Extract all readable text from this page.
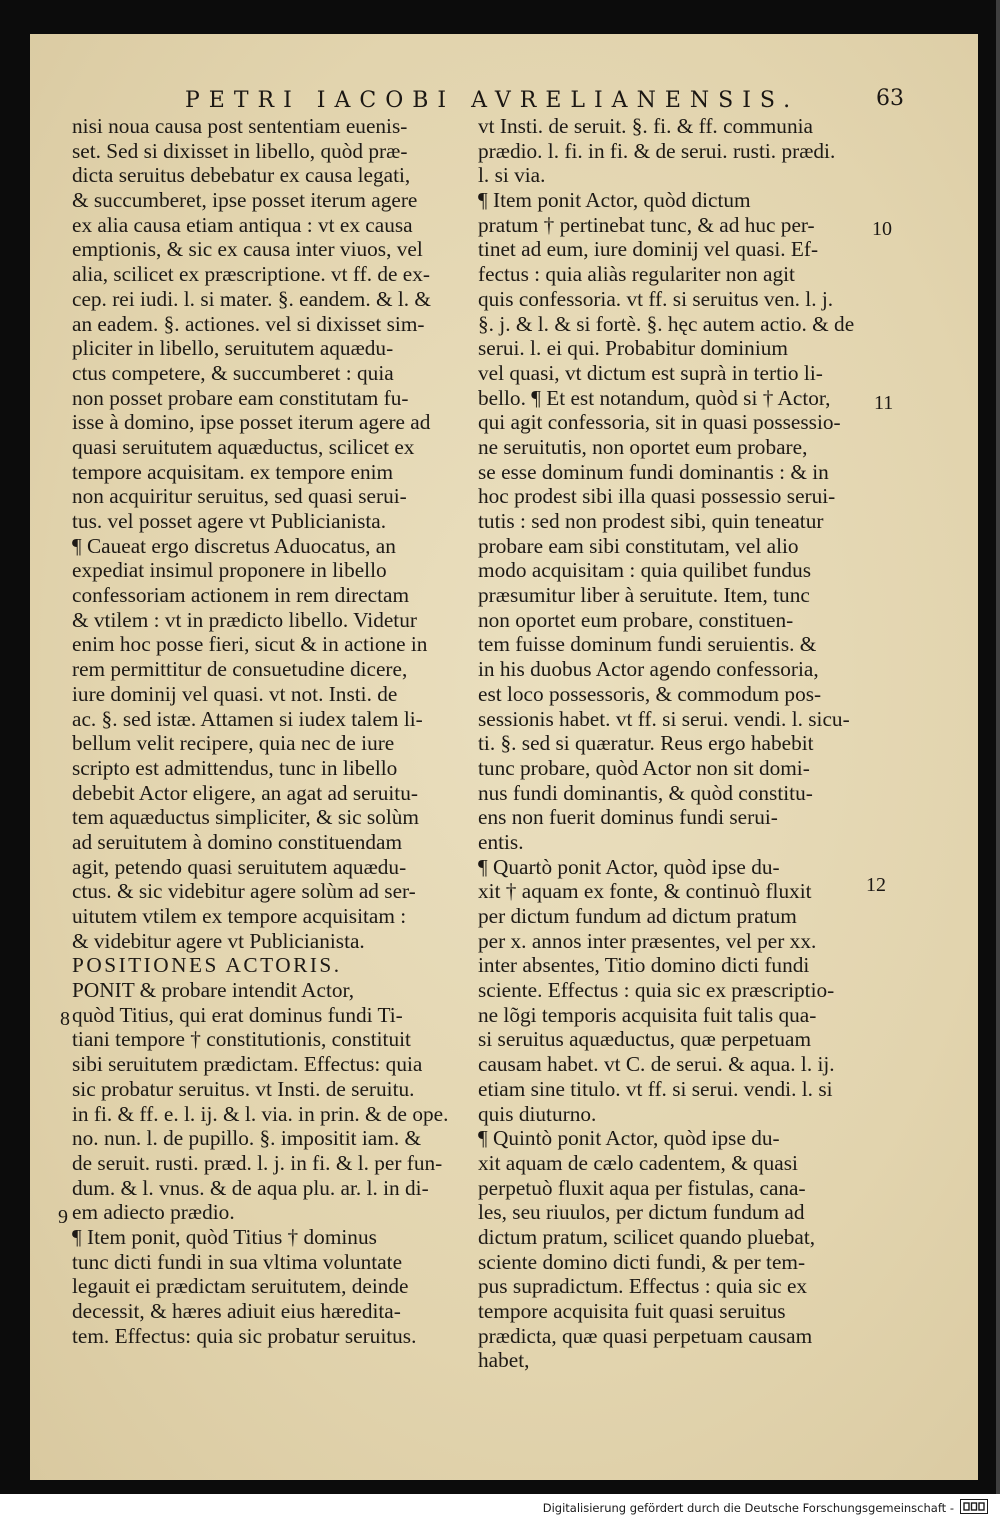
PETRI IACOBI AVRELIANENSIS.	63
nisi noua causa post sententiam euenis-
set. Sed si dixisset in libello, quòd præ-
dicta seruitus debebatur ex causa legati,
& succumberet, ipse posset iterum agere
ex alia causa etiam antiqua : vt ex causa
emptionis, & sic ex causa inter viuos, vel
alia, scilicet ex præscriptione. vt ff. de ex-
cep. rei iudi. l. si mater. §. eandem. & l. &
an eadem. §. actiones. vel si dixisset sim-
pliciter in libello, seruitutem aquædu-
ctus competere, & succumberet : quia
non posset probare eam constitutam fu-
isse à domino, ipse posset iterum agere ad
quasi seruitutem aquæductus, scilicet ex
tempore acquisitam. ex tempore enim
non acquiritur seruitus, sed quasi serui-
tus. vel posset agere vt Publicianista.
¶ Caueat ergo discretus Aduocatus, an
expediat insimul proponere in libello
confessoriam actionem in rem directam
& vtilem : vt in prædicto libello. Videtur
enim hoc posse fieri, sicut & in actione in
rem permittitur de consuetudine dicere,
iure dominij vel quasi. vt not. Insti. de
ac. §. sed istæ. Attamen si iudex talem li-
bellum velit recipere, quia nec de iure
scripto est admittendus, tunc in libello
debebit Actor eligere, an agat ad seruitu-
tem aquæductus simpliciter, & sic solùm
ad seruitutem à domino constituendam
agit, petendo quasi seruitutem aquædu-
ctus. & sic videbitur agere solùm ad ser-
uitutem vtilem ex tempore acquisitam :
& videbitur agere vt Publicianista.
POSITIONES ACTORIS.
PONIT & probare intendit Actor,
quòd Titius, qui erat dominus fundi Ti-
tiani tempore † constitutionis, constituit
sibi seruitutem prædictam. Effectus: quia
sic probatur seruitus. vt Insti. de seruitu.
in fi. & ff. e. l. ij. & l. via. in prin. & de ope.
no. nun. l. de pupillo. §. impositit iam. &
de seruit. rusti. præd. l. j. in fi. & l. per fun-
dum. & l. vnus. & de aqua plu. ar. l. in di-
em adiecto prædio.
¶ Item ponit, quòd Titius † dominus
tunc dicti fundi in sua vltima voluntate
legauit ei prædictam seruitutem, deinde
decessit, & hæres adiuit eius hæredita-
tem. Effectus: quia sic probatur seruitus.
vt Insti. de seruit. §. fi. & ff. communia
prædio. l. fi. in fi. & de serui. rusti. prædi.
l. si via.
¶ Item ponit Actor, quòd dictum
pratum † pertinebat tunc, & ad huc per-
tinet ad eum, iure dominij vel quasi. Ef-
fectus : quia aliàs regulariter non agit
quis confessoria. vt ff. si seruitus ven. l. j.
§. j. & l. & si fortè. §. hęc autem actio. & de
serui. l. ei qui. Probabitur dominium
vel quasi, vt dictum est suprà in tertio li-
bello. ¶ Et est notandum, quòd si † Actor,
qui agit confessoria, sit in quasi possessio-
ne seruitutis, non oportet eum probare,
se esse dominum fundi dominantis : & in
hoc prodest sibi illa quasi possessio serui-
tutis : sed non prodest sibi, quin teneatur
probare eam sibi constitutam, vel alio
modo acquisitam : quia quilibet fundus
præsumitur liber à seruitute. Item, tunc
non oportet eum probare, constituen-
tem fuisse dominum fundi seruientis. &
in his duobus Actor agendo confessoria,
est loco possessoris, & commodum pos-
sessionis habet. vt ff. si serui. vendi. l. sicu-
ti. §. sed si quæratur. Reus ergo habebit
tunc probare, quòd Actor non sit domi-
nus fundi dominantis, & quòd constitu-
ens non fuerit dominus fundi serui-
entis.
¶ Quartò ponit Actor, quòd ipse du-
xit † aquam ex fonte, & continuò fluxit
per dictum fundum ad dictum pratum
per x. annos inter præsentes, vel per xx.
inter absentes, Titio domino dicti fundi
sciente. Effectus : quia sic ex præscriptio-
ne lõgi temporis acquisita fuit talis qua-
si seruitus aquæductus, quæ perpetuam
causam habet. vt C. de serui. & aqua. l. ij.
etiam sine titulo. vt ff. si serui. vendi. l. si
quis diuturno.
¶ Quintò ponit Actor, quòd ipse du-
xit aquam de cælo cadentem, & quasi
perpetuò fluxit aqua per fistulas, cana-
les, seu riuulos, per dictum fundum ad
dictum pratum, scilicet quando pluebat,
sciente domino dicti fundi, & per tem-
pus supradictum. Effectus : quia sic ex
tempore acquisita fuit quasi seruitus
prædicta, quæ quasi perpetuam causam
habet,
8
9
10
11
12
Digitalisierung gefördert durch die Deutsche Forschungsgemeinschaft -
